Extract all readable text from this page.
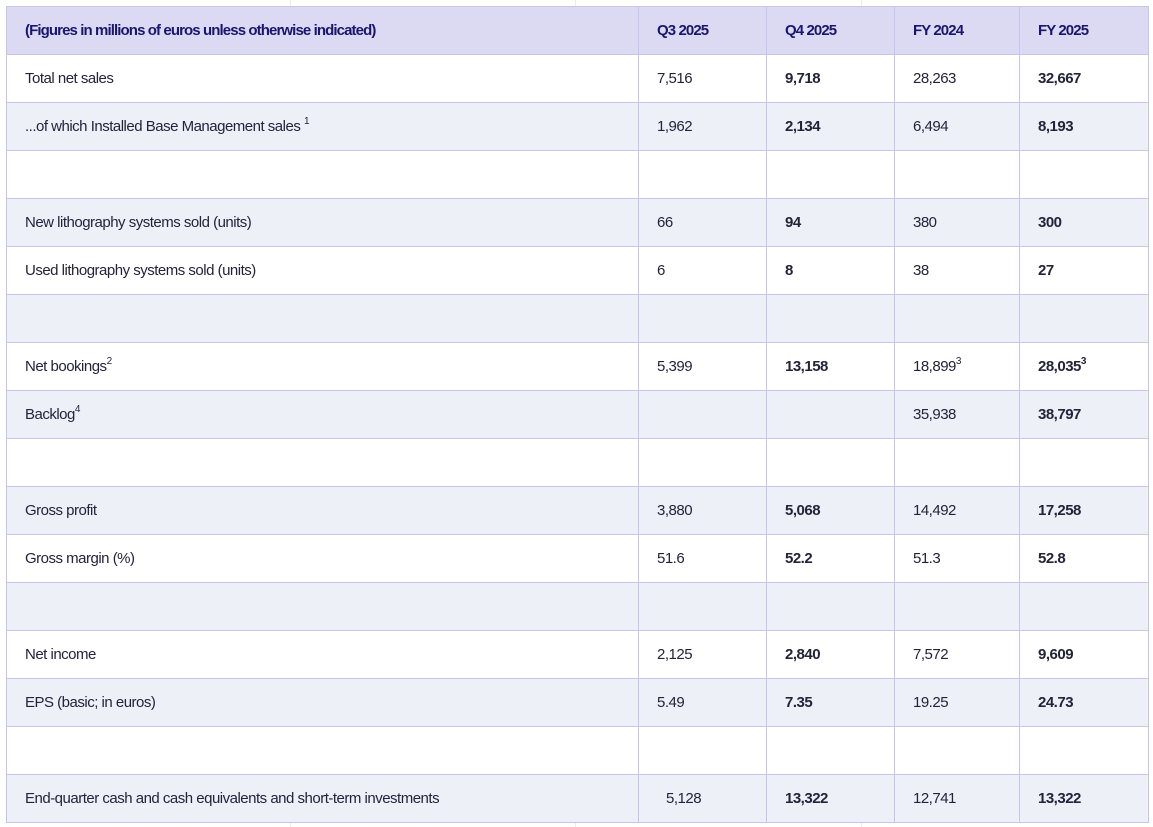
(Figures in millions of euros unless otherwise indicated)	Q3 2025	Q4 2025	FY 2024	FY 2025
Total net sales	7,516	9,718	28,263	32,667
...of which Installed Base Management sales $^1$	1,962	2,134	6,494	8,193

New lithography systems sold (units)	66	94	380	300
Used lithography systems sold (units)	6	8	38	27

Net bookings$^2$	5,399	13,158	18,899$^3$	28,035$^3$
Backlog$^4$			35,938	38,797

Gross profit	3,880	5,068	14,492	17,258
Gross margin (%)	51.6	52.2	51.3	52.8

Net income	2,125	2,840	7,572	9,609
EPS (basic; in euros)	5.49	7.35	19.25	24.73

End-quarter cash and cash equivalents and short-term investments	5,128	13,322	12,741	13,322
